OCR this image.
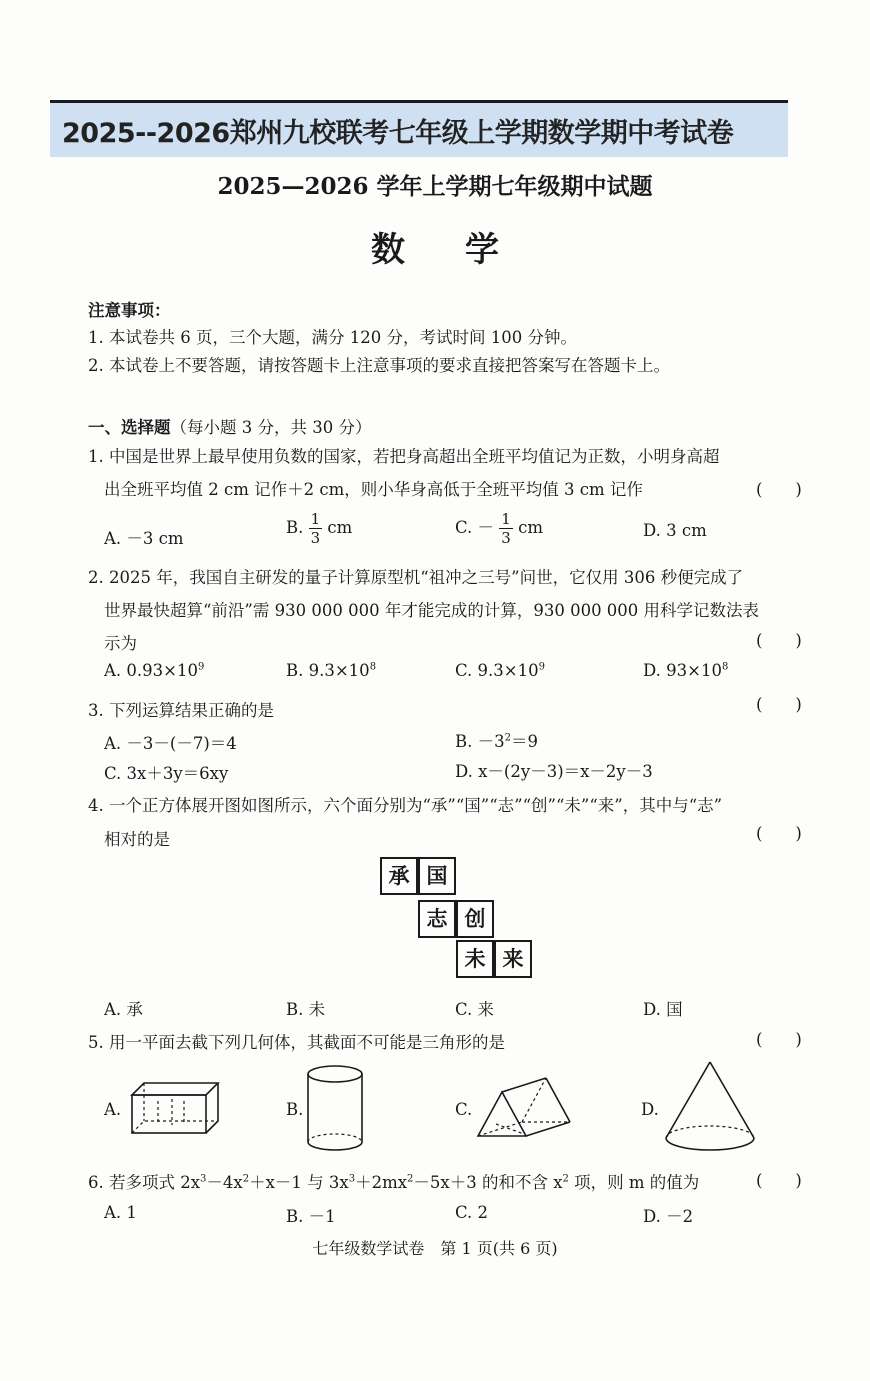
2025--2026郑州九校联考七年级上学期数学期中考试卷
2025—2026 学年上学期七年级期中试题
数学
注意事项：
1. 本试卷共 6 页，三个大题，满分 120 分，考试时间 100 分钟。
2. 本试卷上不要答题，请按答题卡上注意事项的要求直接把答案写在答题卡上。
一、选择题（每小题 3 分，共 30 分）
1. 中国是世界上最早使用负数的国家，若把身高超出全班平均值记为正数，小明身高超
出全班平均值 2 cm 记作＋2 cm，则小华身高低于全班平均值 3 cm 记作	(　　)
A. －3 cm
B. $\frac{1}{3}$ cm	C. － $\frac{1}{3}$ cm	D. 3 cm
2. 2025 年，我国自主研发的量子计算原型机“祖冲之三号”问世，它仅用 306 秒便完成了
世界最快超算“前沿”需 930 000 000 年才能完成的计算，930 000 000 用科学记数法表
示为	(　　)
A. $0.93\times 10^9$	B. $9.3\times 10^8$	C. $9.3\times 10^9$	D. $93\times 10^8$
3. 下列运算结果正确的是	(　　)
A. －3－(－7)＝4	B. $-3^2=9$
C. 3x＋3y＝6xy	D. x－(2y－3)＝x－2y－3
4. 一个正方体展开图如图所示，六个面分别为“承”“国”“志”“创”“未”“来”，其中与“志”
相对的是	(　　)
承 国
志 创
未 来
A. 承	B. 未	C. 来	D. 国
5. 用一平面去截下列几何体，其截面不可能是三角形的是	(　　)
A.	B.	C.	D.
6. 若多项式 $2x^3-4x^2+x-1$ 与 $3x^3+2mx^2-5x+3$ 的和不含 $x^2$ 项，则 m 的值为	(　　)
A. 1	B. －1	C. 2	D. －2
七年级数学试卷　第 1 页(共 6 页)
